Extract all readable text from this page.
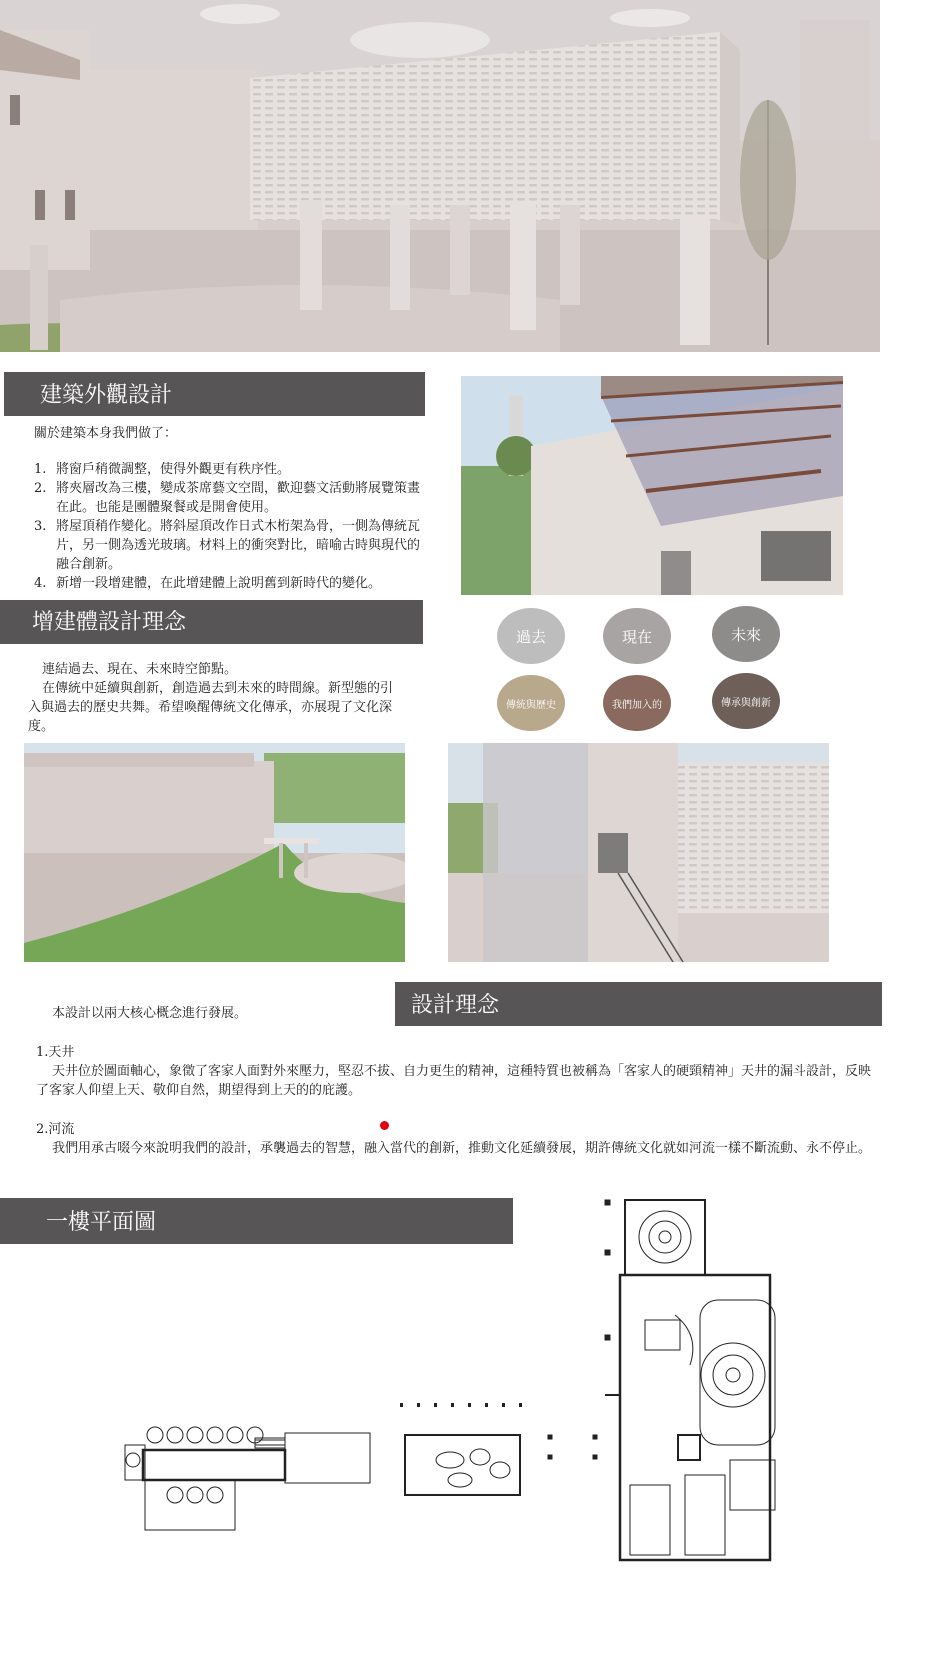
建築外觀設計

關於建築本身我們做了：

1. 將窗戶稍微調整，使得外觀更有秩序性。
2. 將夾層改為三樓，變成茶席藝文空間，歡迎藝文活動將展覽策畫在此。也能是團體聚餐或是開會使用。
3. 將屋頂稍作變化。將斜屋頂改作日式木桁架為骨，一側為傳統瓦片，另一側為透光玻璃。材料上的衝突對比，暗喻古時與現代的融合創新。
4. 新增一段增建體，在此增建體上說明舊到新時代的變化。
增建體設計理念

連結過去、現在、未來時空節點。

在傳統中延續與創新，創造過去到未來的時間線。新型態的引入與過去的歷史共舞。希望喚醒傳統文化傳承，亦展現了文化深度。

過去	現在	未來
傳統與歷史	我們加入的	傳承與創新

本設計以兩大核心概念進行發展。	設計理念

1.天井

天井位於圖面軸心，象徵了客家人面對外來壓力，堅忍不拔、自力更生的精神，這種特質也被稱為「客家人的硬頸精神」天井的漏斗設計，反映了客家人仰望上天、敬仰自然，期望得到上天的的庇護。

2.河流

我們用承古啜今來說明我們的設計，承襲過去的智慧，融入當代的創新，推動文化延續發展，期許傳統文化就如河流一樣不斷流動、永不停止。

一樓平面圖
